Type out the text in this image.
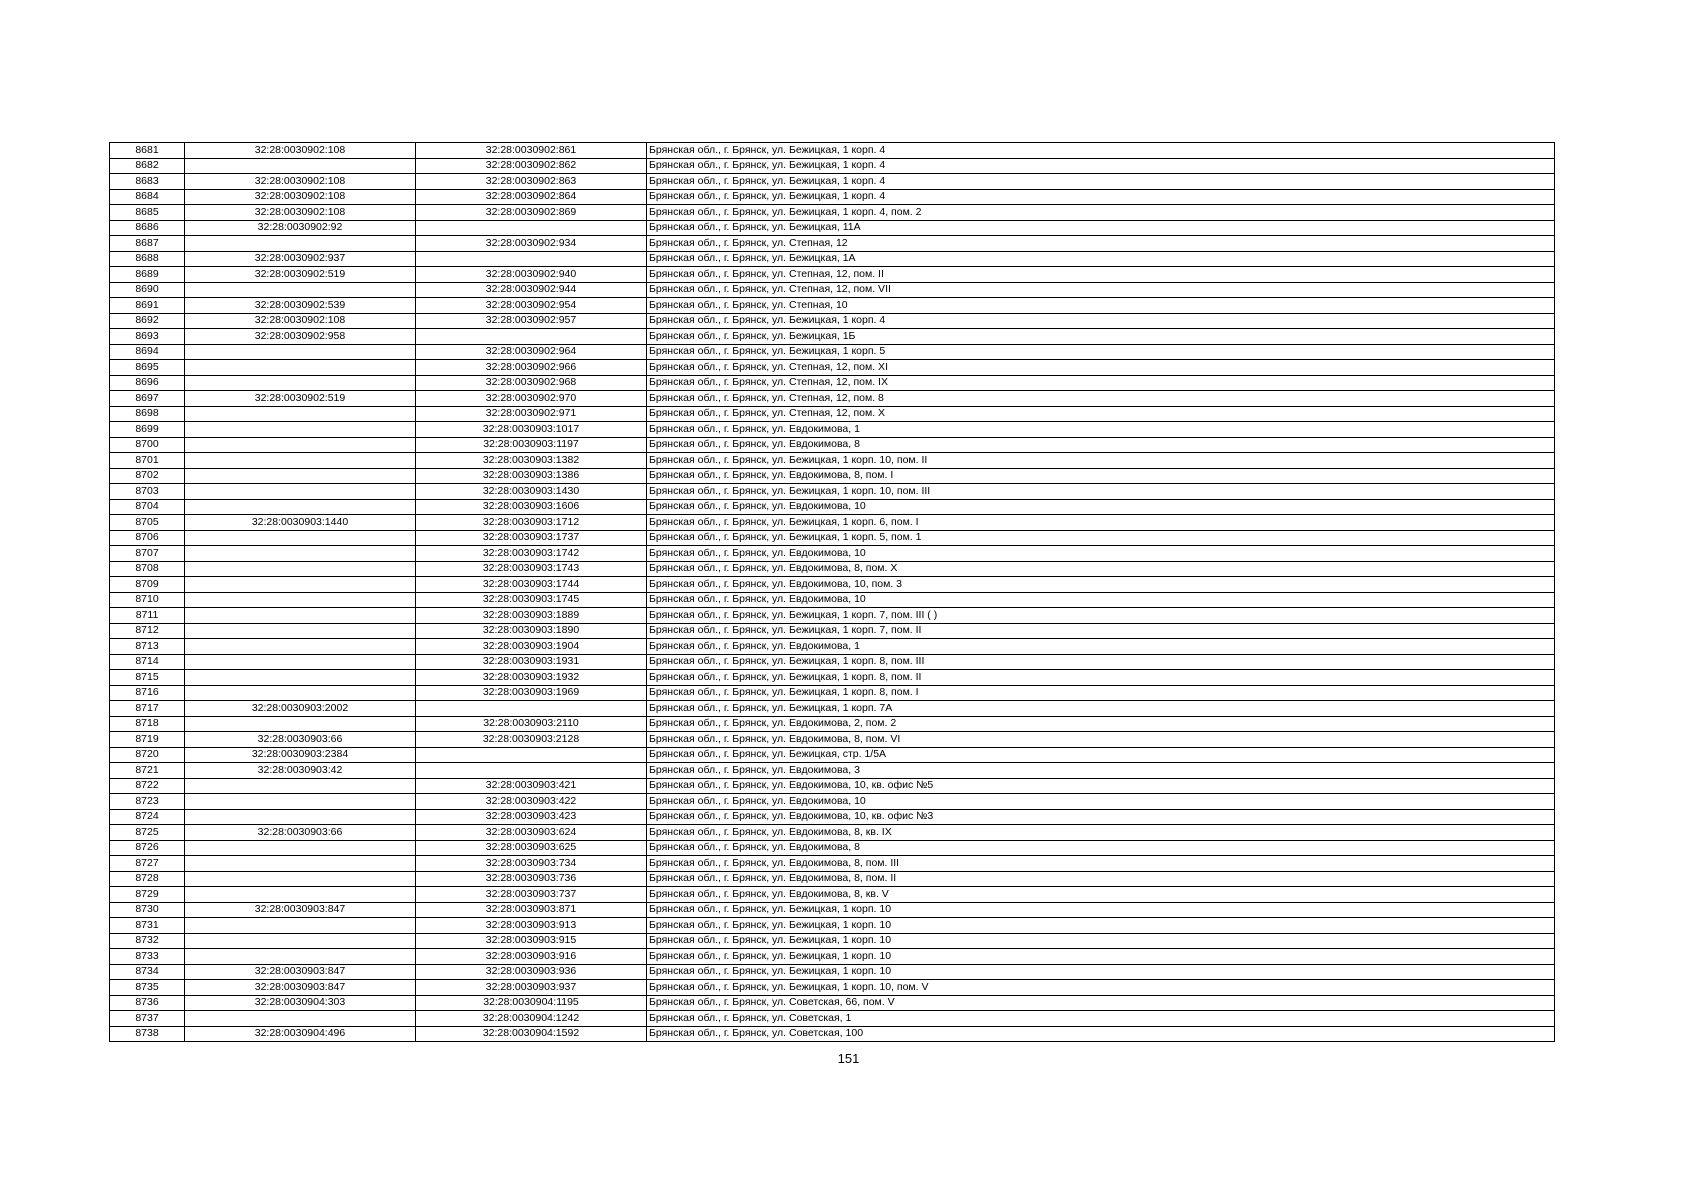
8681	32:28:0030902:108	32:28:0030902:861	Брянская обл., г. Брянск, ул. Бежицкая, 1 корп. 4
8682		32:28:0030902:862	Брянская обл., г. Брянск, ул. Бежицкая, 1 корп. 4
8683	32:28:0030902:108	32:28:0030902:863	Брянская обл., г. Брянск, ул. Бежицкая, 1 корп. 4
8684	32:28:0030902:108	32:28:0030902:864	Брянская обл., г. Брянск, ул. Бежицкая, 1 корп. 4
8685	32:28:0030902:108	32:28:0030902:869	Брянская обл., г. Брянск, ул. Бежицкая, 1 корп. 4, пом. 2
8686	32:28:0030902:92		Брянская обл., г. Брянск, ул. Бежицкая, 11А
8687		32:28:0030902:934	Брянская обл., г. Брянск, ул. Степная, 12
8688	32:28:0030902:937		Брянская обл., г. Брянск, ул. Бежицкая, 1А
8689	32:28:0030902:519	32:28:0030902:940	Брянская обл., г. Брянск, ул. Степная, 12, пом. II
8690		32:28:0030902:944	Брянская обл., г. Брянск, ул. Степная, 12, пом. VII
8691	32:28:0030902:539	32:28:0030902:954	Брянская обл., г. Брянск, ул. Степная, 10
8692	32:28:0030902:108	32:28:0030902:957	Брянская обл., г. Брянск, ул. Бежицкая, 1 корп. 4
8693	32:28:0030902:958		Брянская обл., г. Брянск, ул. Бежицкая, 1Б
8694		32:28:0030902:964	Брянская обл., г. Брянск, ул. Бежицкая, 1 корп. 5
8695		32:28:0030902:966	Брянская обл., г. Брянск, ул. Степная, 12, пом. XI
8696		32:28:0030902:968	Брянская обл., г. Брянск, ул. Степная, 12, пом. IX
8697	32:28:0030902:519	32:28:0030902:970	Брянская обл., г. Брянск, ул. Степная, 12, пом. 8
8698		32:28:0030902:971	Брянская обл., г. Брянск, ул. Степная, 12, пом. X
8699		32:28:0030903:1017	Брянская обл., г. Брянск, ул. Евдокимова, 1
8700		32:28:0030903:1197	Брянская обл., г. Брянск, ул. Евдокимова, 8
8701		32:28:0030903:1382	Брянская обл., г. Брянск, ул. Бежицкая, 1 корп. 10, пом. II
8702		32:28:0030903:1386	Брянская обл., г. Брянск, ул. Евдокимова, 8, пом. I
8703		32:28:0030903:1430	Брянская обл., г. Брянск, ул. Бежицкая, 1 корп. 10, пом. III
8704		32:28:0030903:1606	Брянская обл., г. Брянск, ул. Евдокимова, 10
8705	32:28:0030903:1440	32:28:0030903:1712	Брянская обл., г. Брянск, ул. Бежицкая, 1 корп. 6, пом. I
8706		32:28:0030903:1737	Брянская обл., г. Брянск, ул. Бежицкая, 1 корп. 5, пом. 1
8707		32:28:0030903:1742	Брянская обл., г. Брянск, ул. Евдокимова, 10
8708		32:28:0030903:1743	Брянская обл., г. Брянск, ул. Евдокимова, 8, пом. X
8709		32:28:0030903:1744	Брянская обл., г. Брянск, ул. Евдокимова, 10, пом. 3
8710		32:28:0030903:1745	Брянская обл., г. Брянск, ул. Евдокимова, 10
8711		32:28:0030903:1889	Брянская обл., г. Брянск, ул. Бежицкая, 1 корп. 7, пом. III ( )
8712		32:28:0030903:1890	Брянская обл., г. Брянск, ул. Бежицкая, 1 корп. 7, пом. II
8713		32:28:0030903:1904	Брянская обл., г. Брянск, ул. Евдокимова, 1
8714		32:28:0030903:1931	Брянская обл., г. Брянск, ул. Бежицкая, 1 корп. 8, пом. III
8715		32:28:0030903:1932	Брянская обл., г. Брянск, ул. Бежицкая, 1 корп. 8, пом. II
8716		32:28:0030903:1969	Брянская обл., г. Брянск, ул. Бежицкая, 1 корп. 8, пом. I
8717	32:28:0030903:2002		Брянская обл., г. Брянск, ул. Бежицкая, 1 корп. 7А
8718		32:28:0030903:2110	Брянская обл., г. Брянск, ул. Евдокимова, 2, пом. 2
8719	32:28:0030903:66	32:28:0030903:2128	Брянская обл., г. Брянск, ул. Евдокимова, 8, пом. VI
8720	32:28:0030903:2384		Брянская обл., г. Брянск, ул. Бежицкая, стр. 1/5А
8721	32:28:0030903:42		Брянская обл., г. Брянск, ул. Евдокимова, 3
8722		32:28:0030903:421	Брянская обл., г. Брянск, ул. Евдокимова, 10, кв. офис №5
8723		32:28:0030903:422	Брянская обл., г. Брянск, ул. Евдокимова, 10
8724		32:28:0030903:423	Брянская обл., г. Брянск, ул. Евдокимова, 10, кв. офис №3
8725	32:28:0030903:66	32:28:0030903:624	Брянская обл., г. Брянск, ул. Евдокимова, 8, кв. IX
8726		32:28:0030903:625	Брянская обл., г. Брянск, ул. Евдокимова, 8
8727		32:28:0030903:734	Брянская обл., г. Брянск, ул. Евдокимова, 8, пом. III
8728		32:28:0030903:736	Брянская обл., г. Брянск, ул. Евдокимова, 8, пом. II
8729		32:28:0030903:737	Брянская обл., г. Брянск, ул. Евдокимова, 8, кв. V
8730	32:28:0030903:847	32:28:0030903:871	Брянская обл., г. Брянск, ул. Бежицкая, 1 корп. 10
8731		32:28:0030903:913	Брянская обл., г. Брянск, ул. Бежицкая, 1 корп. 10
8732		32:28:0030903:915	Брянская обл., г. Брянск, ул. Бежицкая, 1 корп. 10
8733		32:28:0030903:916	Брянская обл., г. Брянск, ул. Бежицкая, 1 корп. 10
8734	32:28:0030903:847	32:28:0030903:936	Брянская обл., г. Брянск, ул. Бежицкая, 1 корп. 10
8735	32:28:0030903:847	32:28:0030903:937	Брянская обл., г. Брянск, ул. Бежицкая, 1 корп. 10, пом. V
8736	32:28:0030904:303	32:28:0030904:1195	Брянская обл., г. Брянск, ул. Советская, 66, пом. V
8737		32:28:0030904:1242	Брянская обл., г. Брянск, ул. Советская, 1
8738	32:28:0030904:496	32:28:0030904:1592	Брянская обл., г. Брянск, ул. Советская, 100
151
